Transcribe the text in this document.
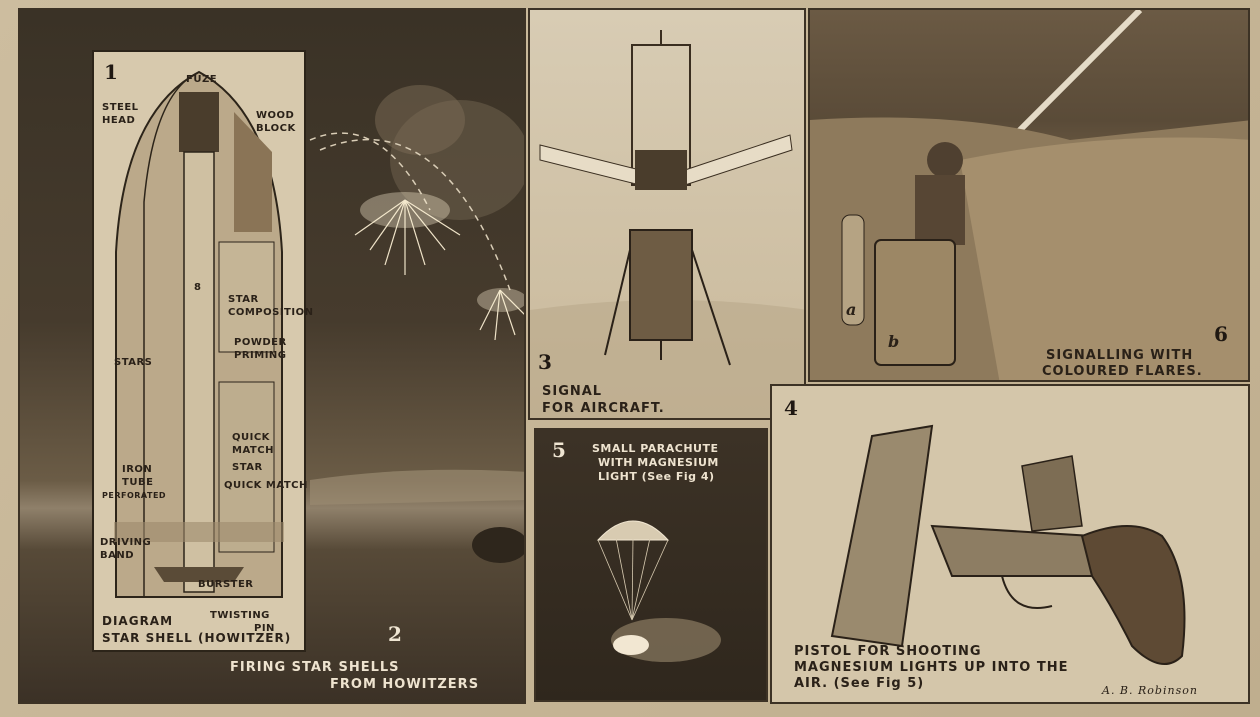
1	FUZE
STEEL
HEAD	WOOD
BLOCK
8
STAR
COMPOSITION
POWDER
PRIMING
STARS
QUICK
MATCH
STAR
QUICK MATCH
IRON
TUBE
PERFORATED
DRIVING
BAND
BURSTER
TWISTING
PIN
DIAGRAM
STAR SHELL (HOWITZER)	2
FIRING STAR SHELLS
FROM HOWITZERS
3
SIGNAL
FOR AIRCRAFT.
a
b	6
SIGNALLING WITH
COLOURED FLARES.
5 SMALL PARACHUTE
WITH MAGNESIUM
LIGHT (See Fig 4)
4
PISTOL FOR SHOOTING
MAGNESIUM LIGHTS UP INTO THE
AIR. (See Fig 5)	A. B. Robinson
